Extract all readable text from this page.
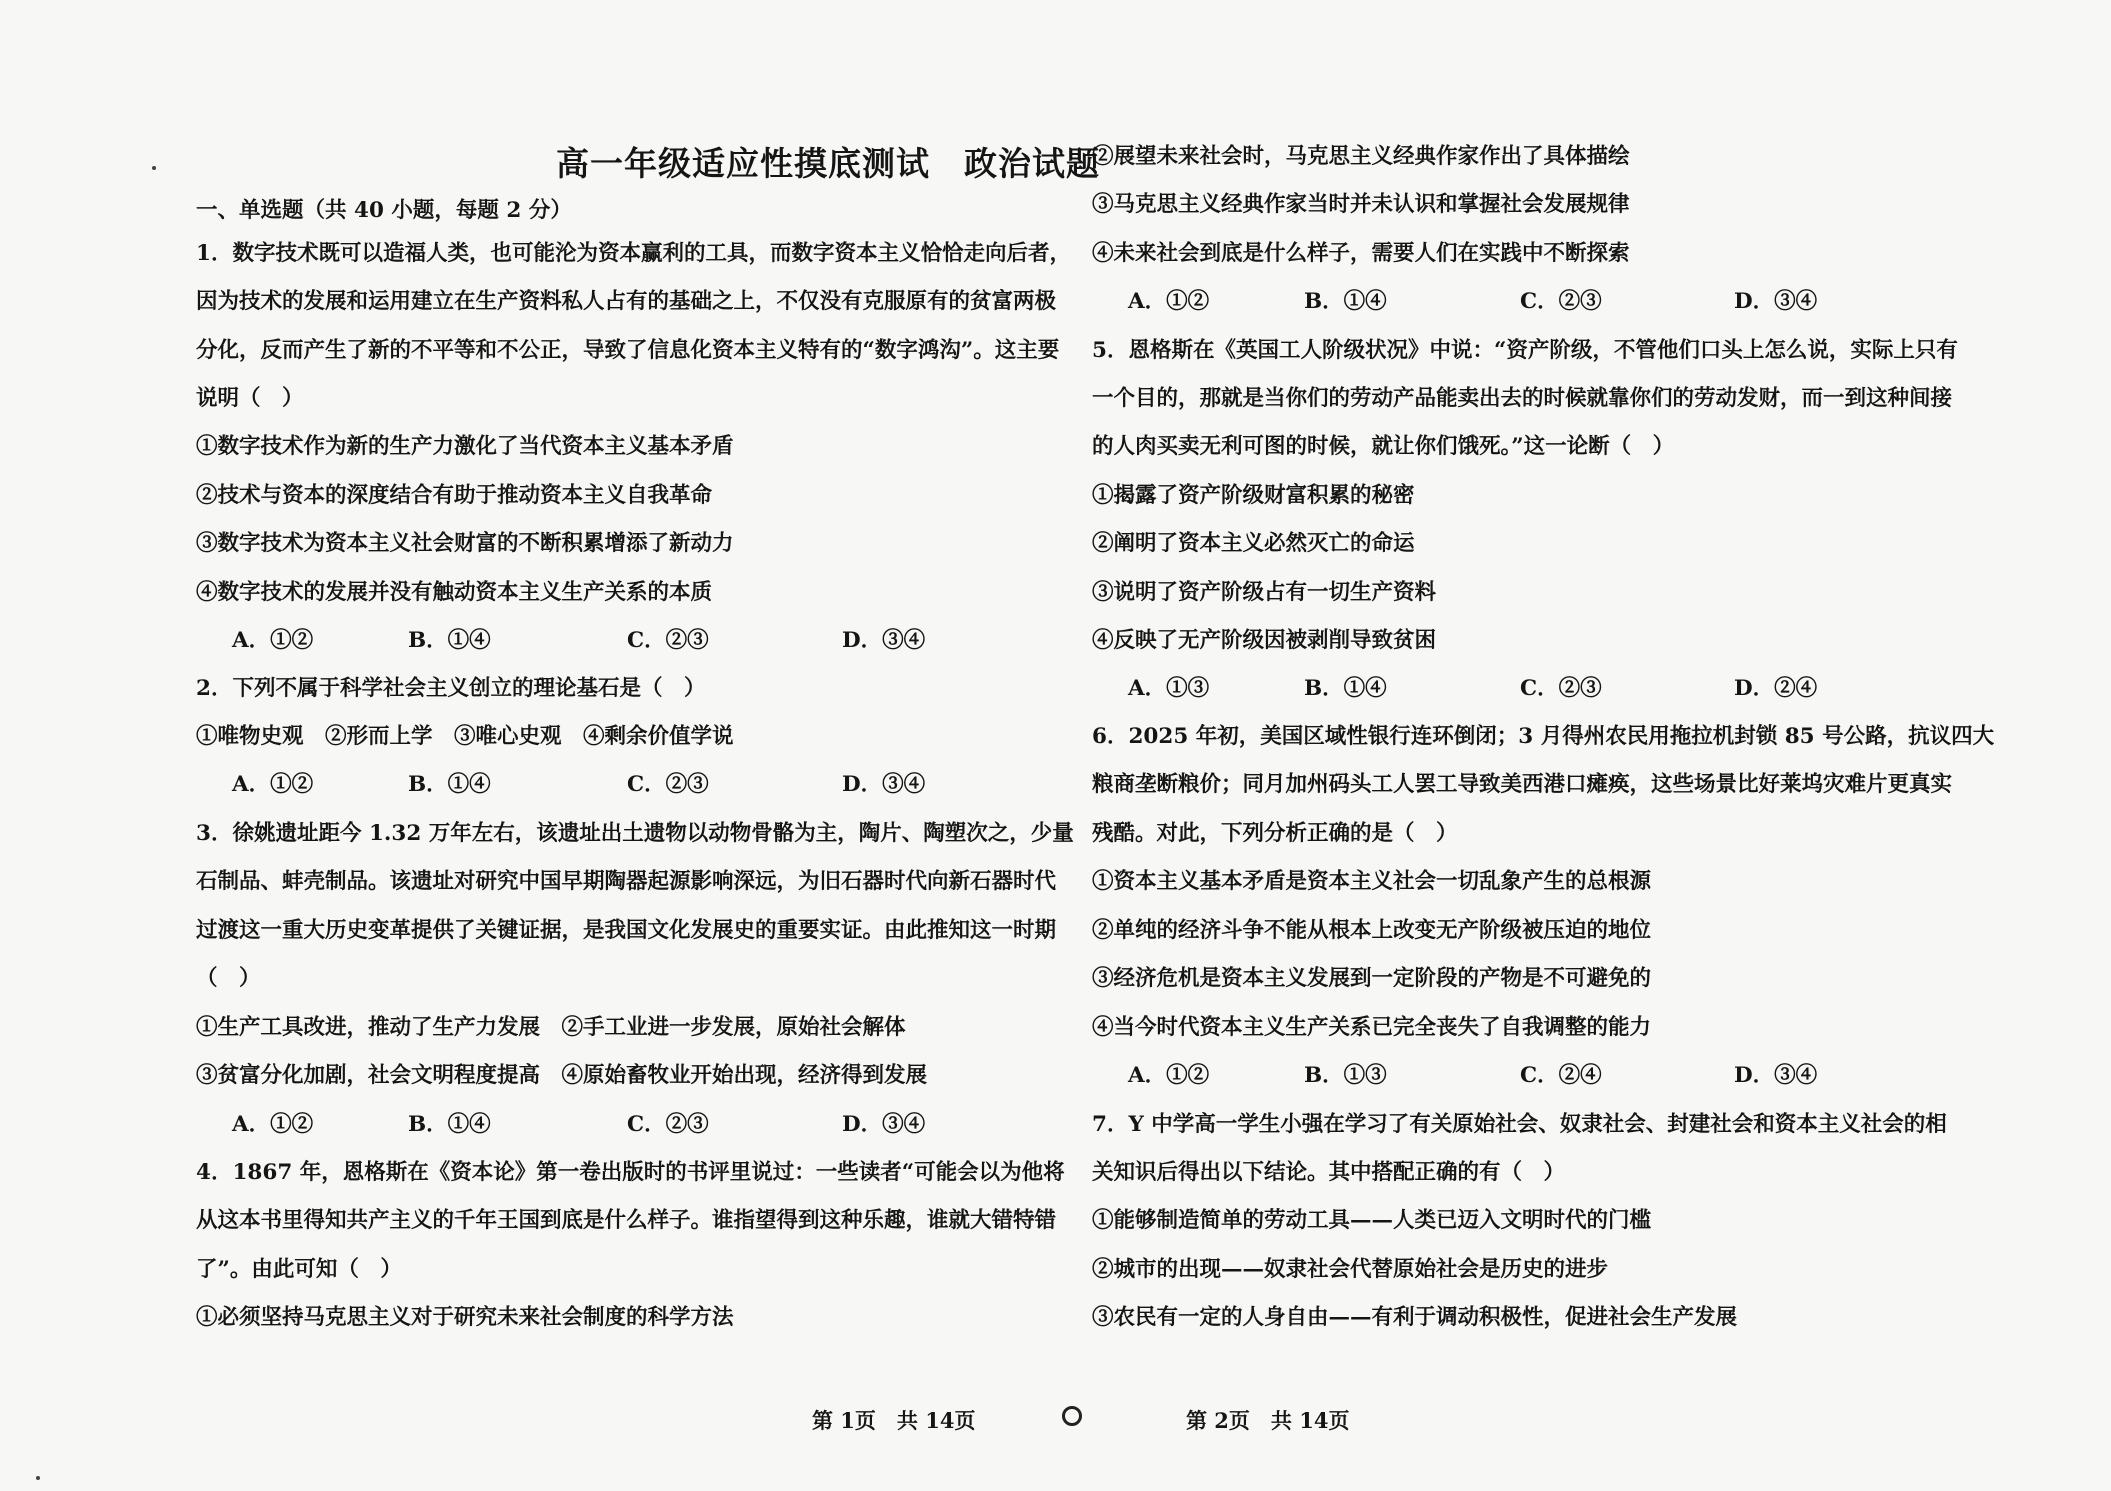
高一年级适应性摸底测试　政治试题
一、单选题（共 40 小题，每题 2 分）
1．数字技术既可以造福人类，也可能沦为资本赢利的工具，而数字资本主义恰恰走向后者，
因为技术的发展和运用建立在生产资料私人占有的基础之上，不仅没有克服原有的贫富两极
分化，反而产生了新的不平等和不公正，导致了信息化资本主义特有的“数字鸿沟”。这主要
说明（　）
①数字技术作为新的生产力激化了当代资本主义基本矛盾
②技术与资本的深度结合有助于推动资本主义自我革命
③数字技术为资本主义社会财富的不断积累增添了新动力
④数字技术的发展并没有触动资本主义生产关系的本质
A．①②	B．①④	C．②③	D．③④
2．下列不属于科学社会主义创立的理论基石是（　）
①唯物史观　②形而上学　③唯心史观　④剩余价值学说
A．①②	B．①④	C．②③	D．③④
3．徐姚遗址距今 1.32 万年左右，该遗址出土遗物以动物骨骼为主，陶片、陶塑次之，少量
石制品、蚌壳制品。该遗址对研究中国早期陶器起源影响深远，为旧石器时代向新石器时代
过渡这一重大历史变革提供了关键证据，是我国文化发展史的重要实证。由此推知这一时期
（　）
①生产工具改进，推动了生产力发展　②手工业进一步发展，原始社会解体
③贫富分化加剧，社会文明程度提高　④原始畜牧业开始出现，经济得到发展
A．①②	B．①④	C．②③	D．③④
4．1867 年，恩格斯在《资本论》第一卷出版时的书评里说过：一些读者“可能会以为他将
从这本书里得知共产主义的千年王国到底是什么样子。谁指望得到这种乐趣，谁就大错特错
了”。由此可知（　）
①必须坚持马克思主义对于研究未来社会制度的科学方法
②展望未来社会时，马克思主义经典作家作出了具体描绘
③马克思主义经典作家当时并未认识和掌握社会发展规律
④未来社会到底是什么样子，需要人们在实践中不断探索
A．①②	B．①④	C．②③	D．③④
5．恩格斯在《英国工人阶级状况》中说：“资产阶级，不管他们口头上怎么说，实际上只有
一个目的，那就是当你们的劳动产品能卖出去的时候就靠你们的劳动发财，而一到这种间接
的人肉买卖无利可图的时候，就让你们饿死。”这一论断（　）
①揭露了资产阶级财富积累的秘密
②阐明了资本主义必然灭亡的命运
③说明了资产阶级占有一切生产资料
④反映了无产阶级因被剥削导致贫困
A．①③	B．①④	C．②③	D．②④
6．2025 年初，美国区域性银行连环倒闭；3 月得州农民用拖拉机封锁 85 号公路，抗议四大
粮商垄断粮价；同月加州码头工人罢工导致美西港口瘫痪，这些场景比好莱坞灾难片更真实
残酷。对此，下列分析正确的是（　）
①资本主义基本矛盾是资本主义社会一切乱象产生的总根源
②单纯的经济斗争不能从根本上改变无产阶级被压迫的地位
③经济危机是资本主义发展到一定阶段的产物是不可避免的
④当今时代资本主义生产关系已完全丧失了自我调整的能力
A．①②	B．①③	C．②④	D．③④
7．Y 中学高一学生小强在学习了有关原始社会、奴隶社会、封建社会和资本主义社会的相
关知识后得出以下结论。其中搭配正确的有（　）
①能够制造简单的劳动工具——人类已迈入文明时代的门槛
②城市的出现——奴隶社会代替原始社会是历史的进步
③农民有一定的人身自由——有利于调动积极性，促进社会生产发展
第 1页　共 14页	第 2页　共 14页
